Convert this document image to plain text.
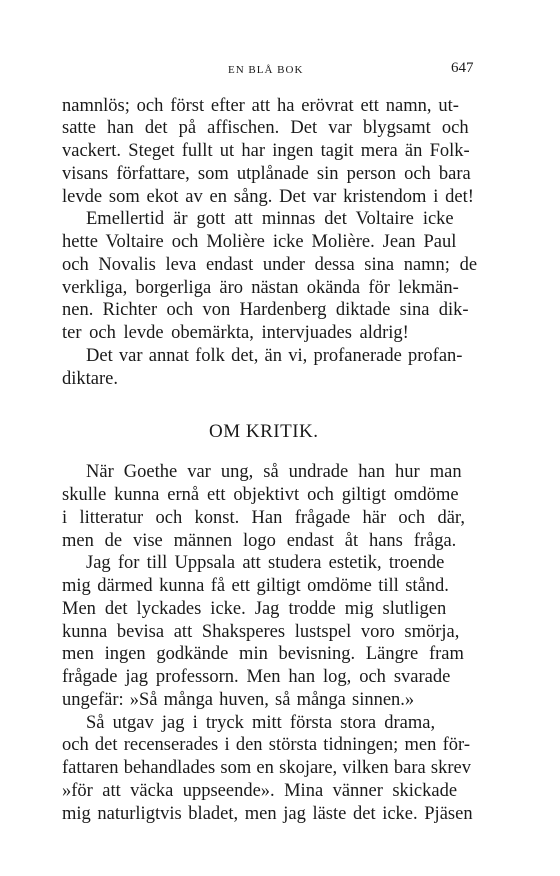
EN BLÅ BOK	647
namnlös; och först efter att ha erövrat ett namn, ut-
satte han det på affischen. Det var blygsamt och
vackert. Steget fullt ut har ingen tagit mera än Folk-
visans författare, som utplånade sin person och bara
levde som ekot av en sång. Det var kristendom i det!
Emellertid är gott att minnas det Voltaire icke
hette Voltaire och Molière icke Molière. Jean Paul
och Novalis leva endast under dessa sina namn; de
verkliga, borgerliga äro nästan okända för lekmän-
nen. Richter och von Hardenberg diktade sina dik-
ter och levde obemärkta, intervjuades aldrig!
Det var annat folk det, än vi, profanerade profan-
diktare.
OM KRITIK.
När Goethe var ung, så undrade han hur man
skulle kunna ernå ett objektivt och giltigt omdöme
i litteratur och konst. Han frågade här och där,
men de vise männen logo endast åt hans fråga.
Jag for till Uppsala att studera estetik, troende
mig därmed kunna få ett giltigt omdöme till stånd.
Men det lyckades icke. Jag trodde mig slutligen
kunna bevisa att Shaksperes lustspel voro smörja,
men ingen godkände min bevisning. Längre fram
frågade jag professorn. Men han log, och svarade
ungefär: »Så många huven, så många sinnen.»
Så utgav jag i tryck mitt första stora drama,
och det recenserades i den största tidningen; men för-
fattaren behandlades som en skojare, vilken bara skrev
»för att väcka uppseende». Mina vänner skickade
mig naturligtvis bladet, men jag läste det icke. Pjäsen
